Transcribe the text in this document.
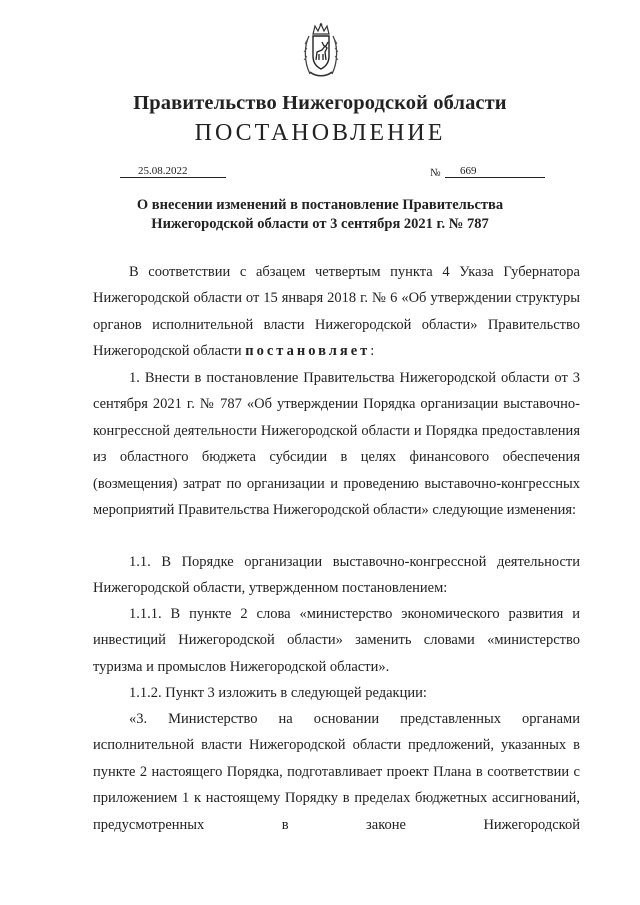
Правительство Нижегородской области
ПОСТАНОВЛЕНИЕ
25.08.2022	№	669
О внесении изменений в постановление Правительства
Нижегородской области от 3 сентября 2021 г. № 787

В соответствии с абзацем четвертым пункта 4 Указа Губернатора Нижегородской области от 15 января 2018 г. № 6 «Об утверждении структуры органов исполнительной власти Нижегородской области» Правительство Нижегородской области постановляет:

1. Внести в постановление Правительства Нижегородской области от 3 сентября 2021 г. № 787 «Об утверждении Порядка организации выставочно-конгрессной деятельности Нижегородской области и Порядка предоставления из областного бюджета субсидии в целях финансового обеспечения (возмещения) затрат по организации и проведению выставочно-конгрессных мероприятий Правительства Нижегородской области» следующие изменения:

1.1. В Порядке организации выставочно-конгрессной деятельности Нижегородской области, утвержденном постановлением:

1.1.1. В пункте 2 слова «министерство экономического развития и инвестиций Нижегородской области» заменить словами «министерство туризма и промыслов Нижегородской области».

1.1.2. Пункт 3 изложить в следующей редакции:

«3. Министерство на основании представленных органами исполнительной власти Нижегородской области предложений, указанных в пункте 2 настоящего Порядка, подготавливает проект Плана в соответствии с приложением 1 к настоящему Порядку в пределах бюджетных ассигнований, предусмотренных в законе Нижегородской
